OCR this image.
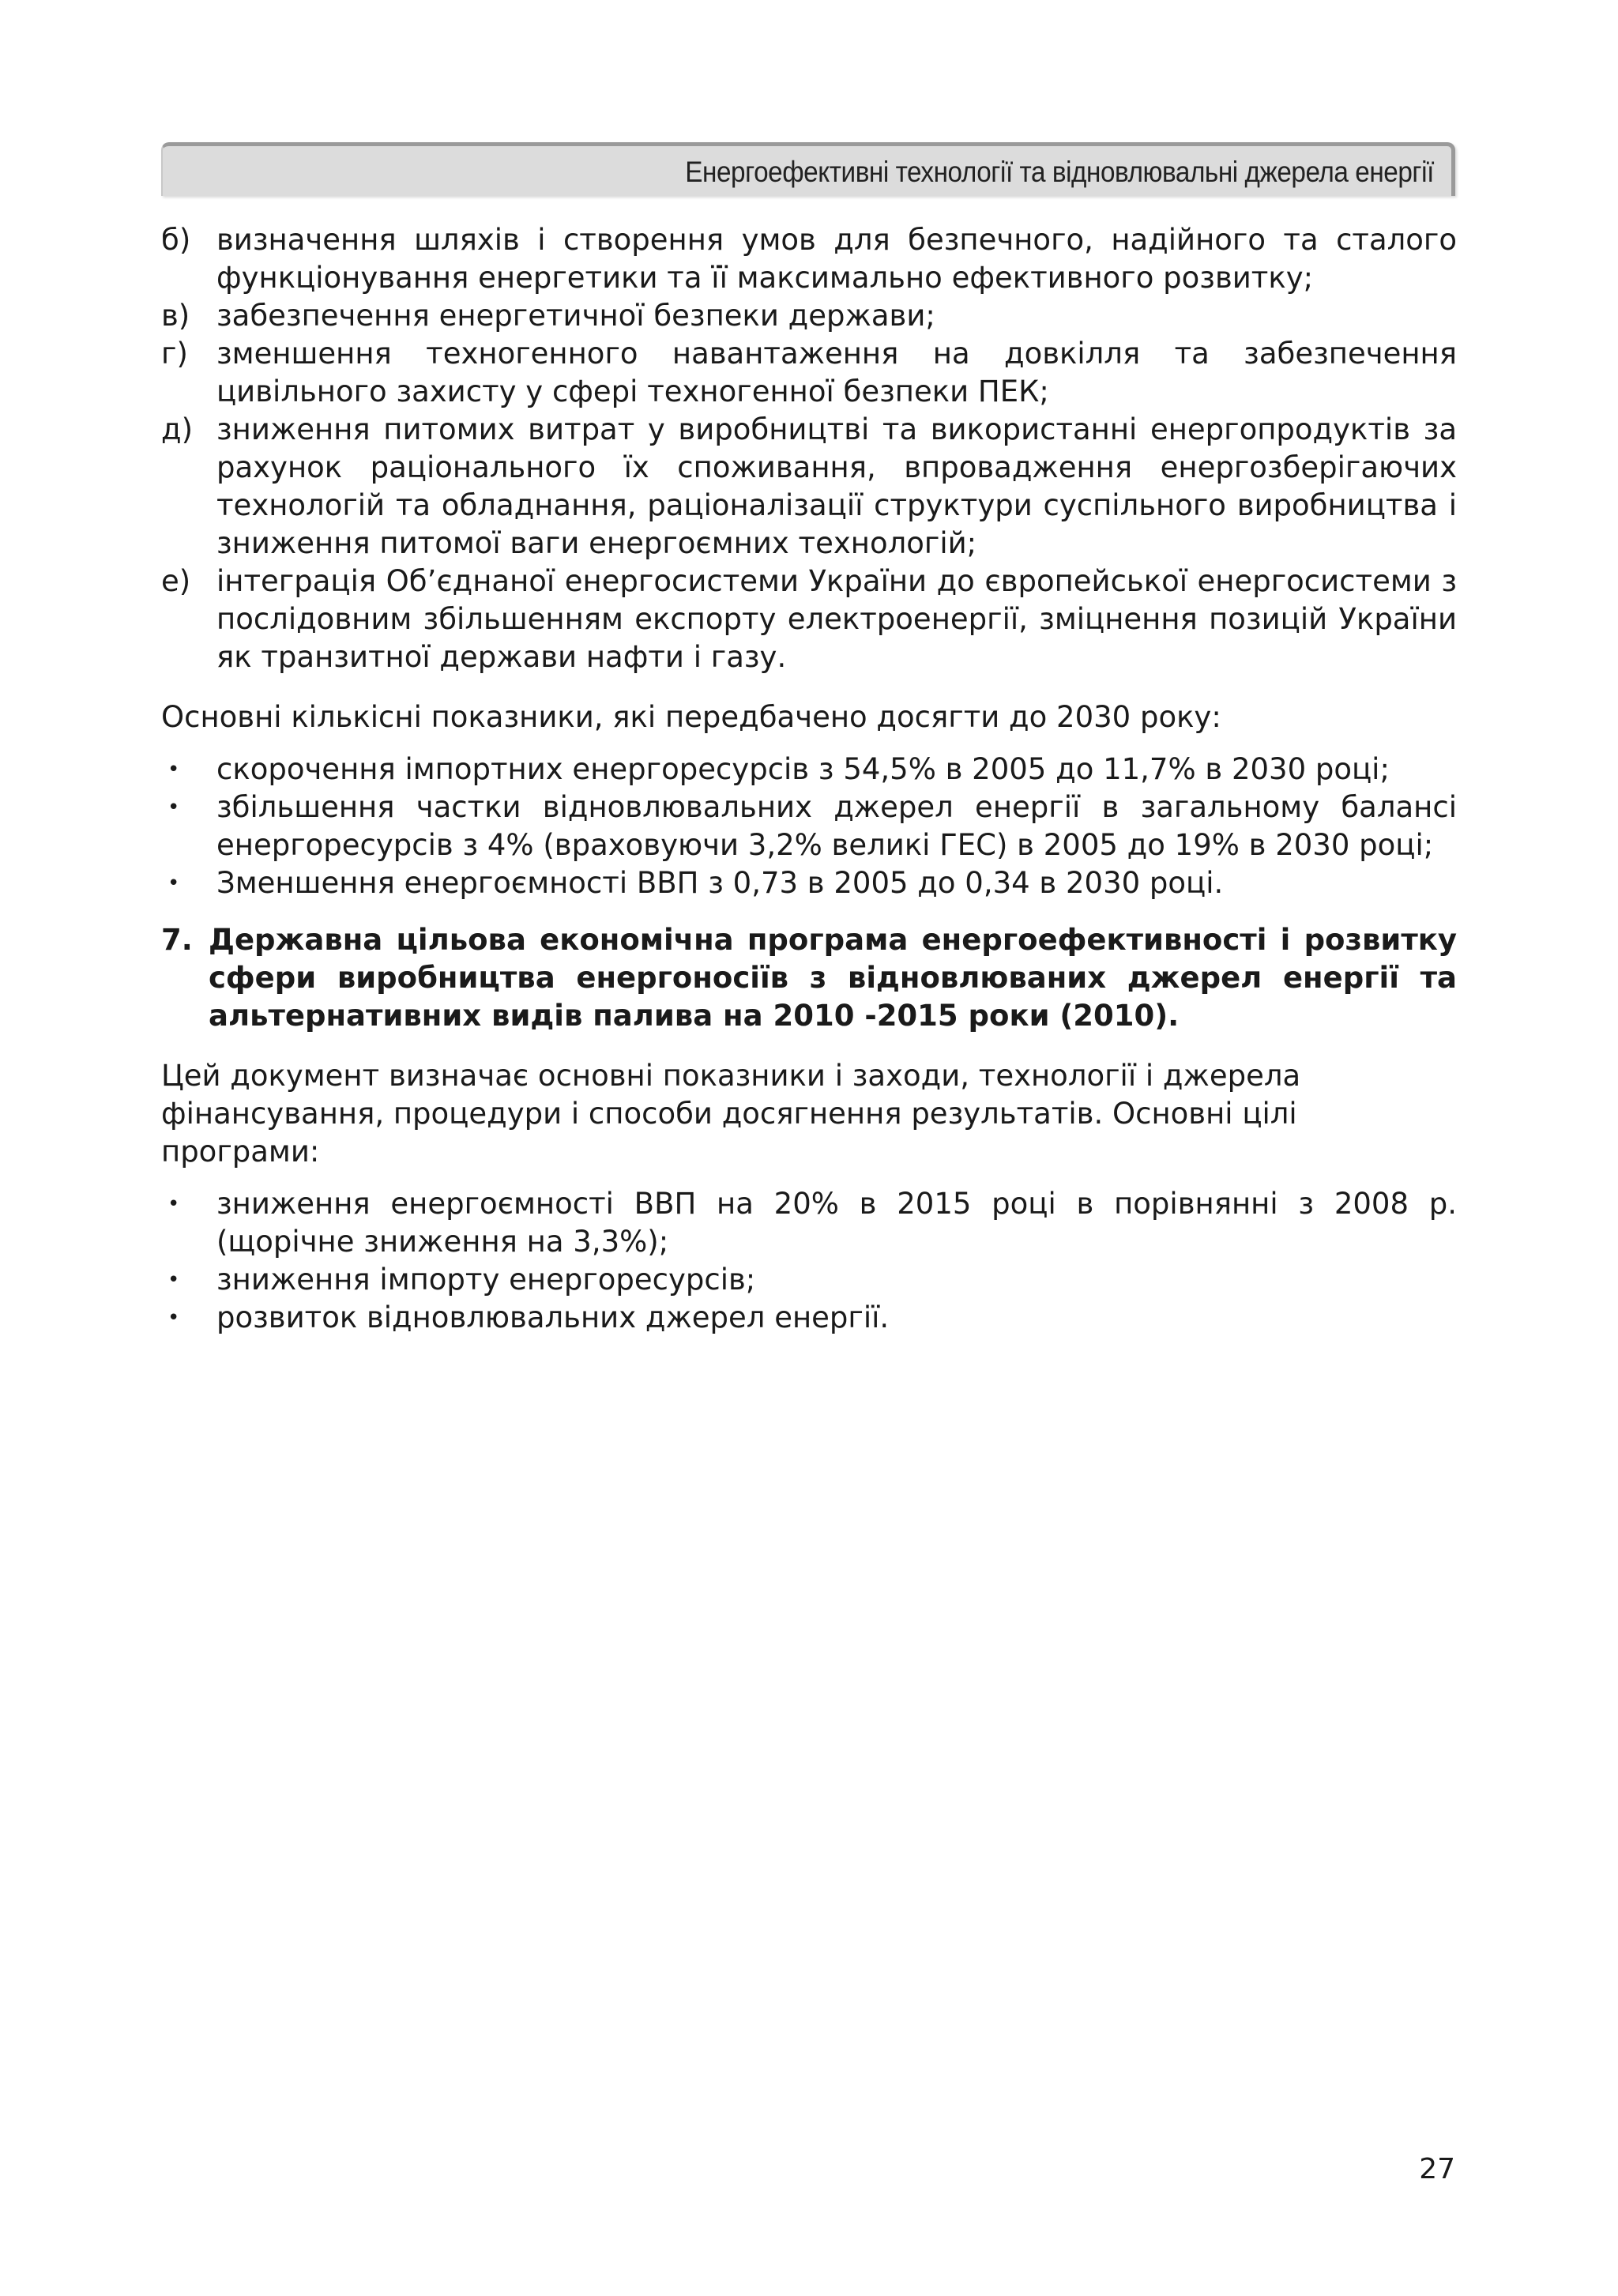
Енергоефективні технології та відновлювальні джерела енергії
б) визначення шляхів і створення умов для безпечного, надійного та сталого функціонування енергетики та її максимально ефективного розвитку;
в) забезпечення енергетичної безпеки держави;
г) зменшення техногенного навантаження на довкілля та забезпечення цивільного захисту у сфері техногенної безпеки ПЕК;
д) зниження питомих витрат у виробництві та використанні енергопродуктів за рахунок раціонального їх споживання, впровадження енергозберігаючих технологій та обладнання, раціоналізації структури суспільного виробництва і зниження питомої ваги енергоємних технологій;
е) інтеграція Об’єднаної енергосистеми України до європейської енергосистеми з послідовним збільшенням експорту електроенергії, зміцнення позицій України як транзитної держави нафти і газу.

Основні кількісні показники, які передбачено досягти до 2030 року:

• скорочення імпортних енергоресурсів з 54,5% в 2005 до 11,7% в 2030 році;
• збільшення частки відновлювальних джерел енергії в загальному балансі енергоресурсів з 4% (враховуючи 3,2% великі ГЕС) в 2005 до 19% в 2030 році;
• Зменшення енергоємності ВВП з 0,73 в 2005 до 0,34 в 2030 році.
7. Державна цільова економічна програма енергоефективності і розвитку сфери виробництва енергоносіїв з відновлюваних джерел енергії та альтернативних видів палива на 2010 -2015 роки (2010).

Цей документ визначає основні показники і заходи, технології і джерела фінансування, процедури і способи досягнення результатів. Основні цілі програми:

• зниження енергоємності ВВП на 20% в 2015 році в порівнянні з 2008 р. (щорічне зниження на 3,3%);
• зниження імпорту енергоресурсів;
• розвиток відновлювальних джерел енергії.
27
